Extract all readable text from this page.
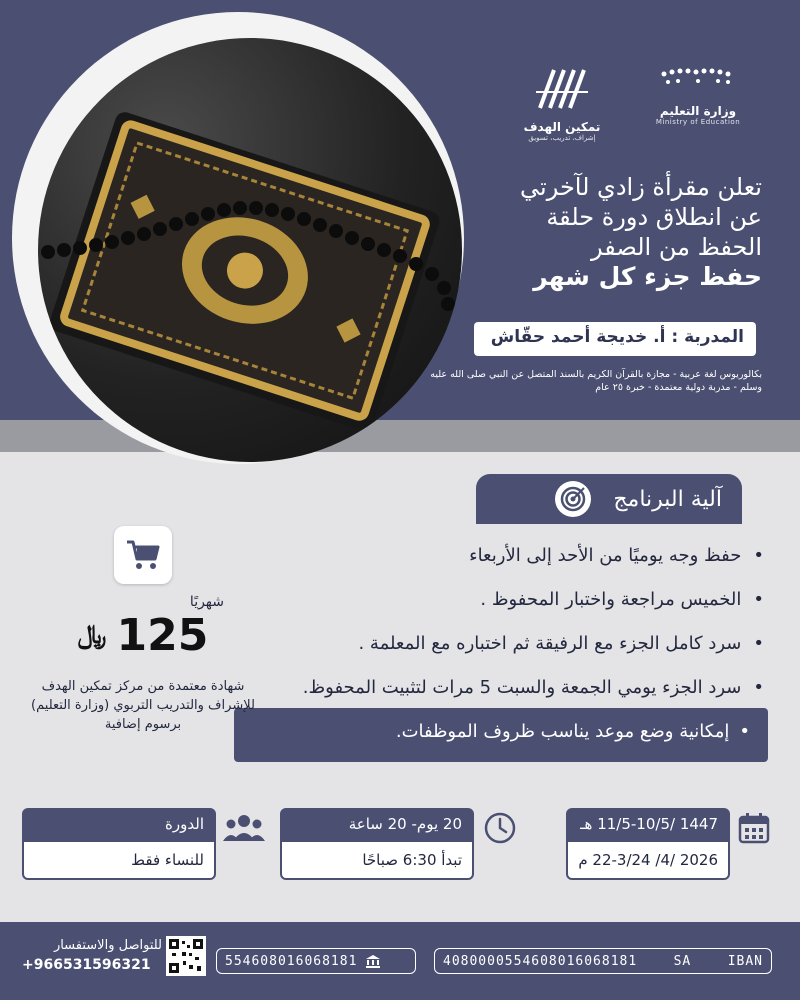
وزارة التعليم
Ministry of Education
تمكين الهدف
إشراف، تدريب، تسويق
تعلن مقرأة زادي لآخرتي
عن انطلاق دورة حلقة
الحفظ من الصفر
حفظ جزء كل شهر
المدربة : أ. خديجة أحمد حقّاش
بكالوريوس لغة عربية - مجازة بالقرآن الكريم بالسند المتصل عن النبي صلى الله عليه وسلم - مدربة دولية معتمدة - خبرة ٢٥ عام
آلية البرنامج
• حفظ وجه يوميًا من الأحد إلى الأربعاء
• الخميس مراجعة واختبار المحفوظ .
• سرد كامل الجزء مع الرفيقة ثم اختباره مع المعلمة .
• سرد الجزء يومي الجمعة والسبت 5 مرات لتثبيت المحفوظ.
• إمكانية وضع موعد يناسب ظروف الموظفات.
شهريًا
125
﷼
شهادة معتمدة من مركز تمكين الهدف للإشراف والتدريب التربوي (وزارة التعليم) برسوم إضافية
1447 /11/5-10/5 هـ
2026 /4/ 22-3/24 م
20 يوم- 20 ساعة
تبدأ 6:30 صباحًا
الدورة
للنساء فقط
4080000554608016068181	SA	IBAN
554608016068181
للتواصل والاستفسار
+966531596321
